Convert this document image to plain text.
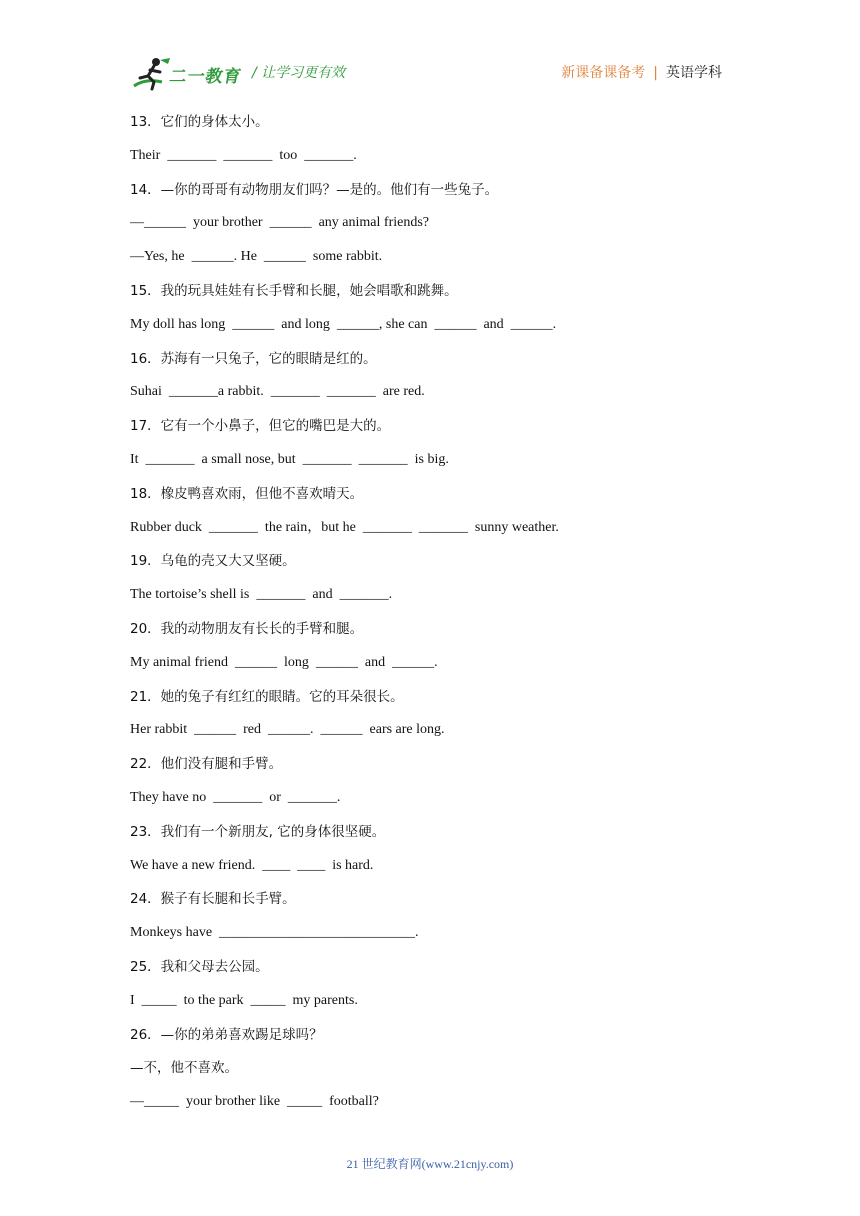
二一教育 / 让学习更有效	新课备课备考 | 英语学科
13．它们的身体太小。
Their  _______  _______  too  _______.
14．—你的哥哥有动物朋友们吗？—是的。他们有一些兔子。
—______  your brother  ______  any animal friends?
—Yes, he  ______. He  ______  some rabbit.
15．我的玩具娃娃有长手臂和长腿，她会唱歌和跳舞。
My doll has long  ______  and long  ______, she can  ______  and  ______.
16．苏海有一只兔子，它的眼睛是红的。
Suhai  _______a rabbit.  _______  _______  are red.
17．它有一个小鼻子，但它的嘴巴是大的。
It  _______  a small nose, but  _______  _______  is big.
18．橡皮鸭喜欢雨，但他不喜欢晴天。
Rubber duck  _______  the rain，but he  _______  _______  sunny weather.
19．乌龟的壳又大又坚硬。
The tortoise’s shell is  _______  and  _______.
20．我的动物朋友有长长的手臂和腿。
My animal friend  ______  long  ______  and  ______.
21．她的兔子有红红的眼睛。它的耳朵很长。
Her rabbit  ______  red  ______.  ______  ears are long.
22．他们没有腿和手臂。
They have no  _______  or  _______.
23．我们有一个新朋友, 它的身体很坚硬。
We have a new friend.  ____  ____  is hard.
24．猴子有长腿和长手臂。
Monkeys have  ____________________________.
25．我和父母去公园。
I  _____  to the park  _____  my parents.
26．—你的弟弟喜欢踢足球吗？
—不，他不喜欢。
—_____  your brother like  _____  football?
21 世纪教育网(www.21cnjy.com)
